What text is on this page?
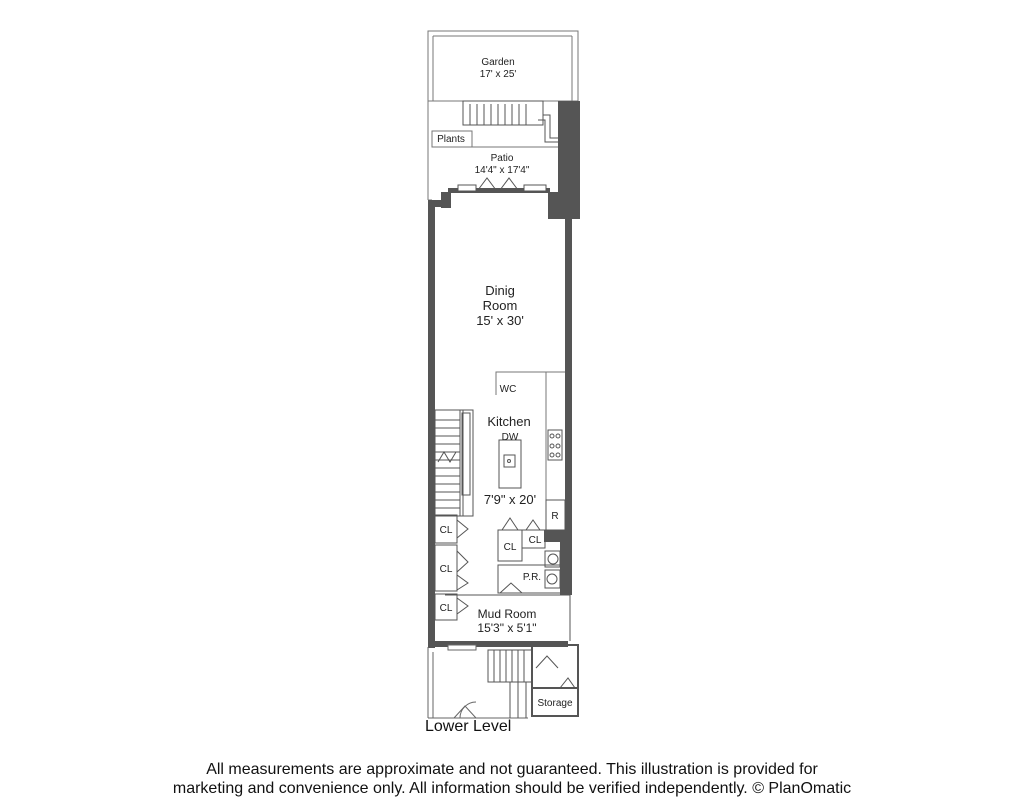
Garden
17' x 25'
Plants
Patio
14'4" x 17'4"
Dinig
Room
15' x 30'
WC
Kitchen
DW
7'9" x 20'
R
CL
CL
CL
CL
CL
P.R.
Mud Room
15'3" x 5'1"
Storage
Lower Level
All measurements are approximate and not guaranteed. This illustration is provided for
marketing and convenience only. All information should be verified independently. © PlanOmatic
